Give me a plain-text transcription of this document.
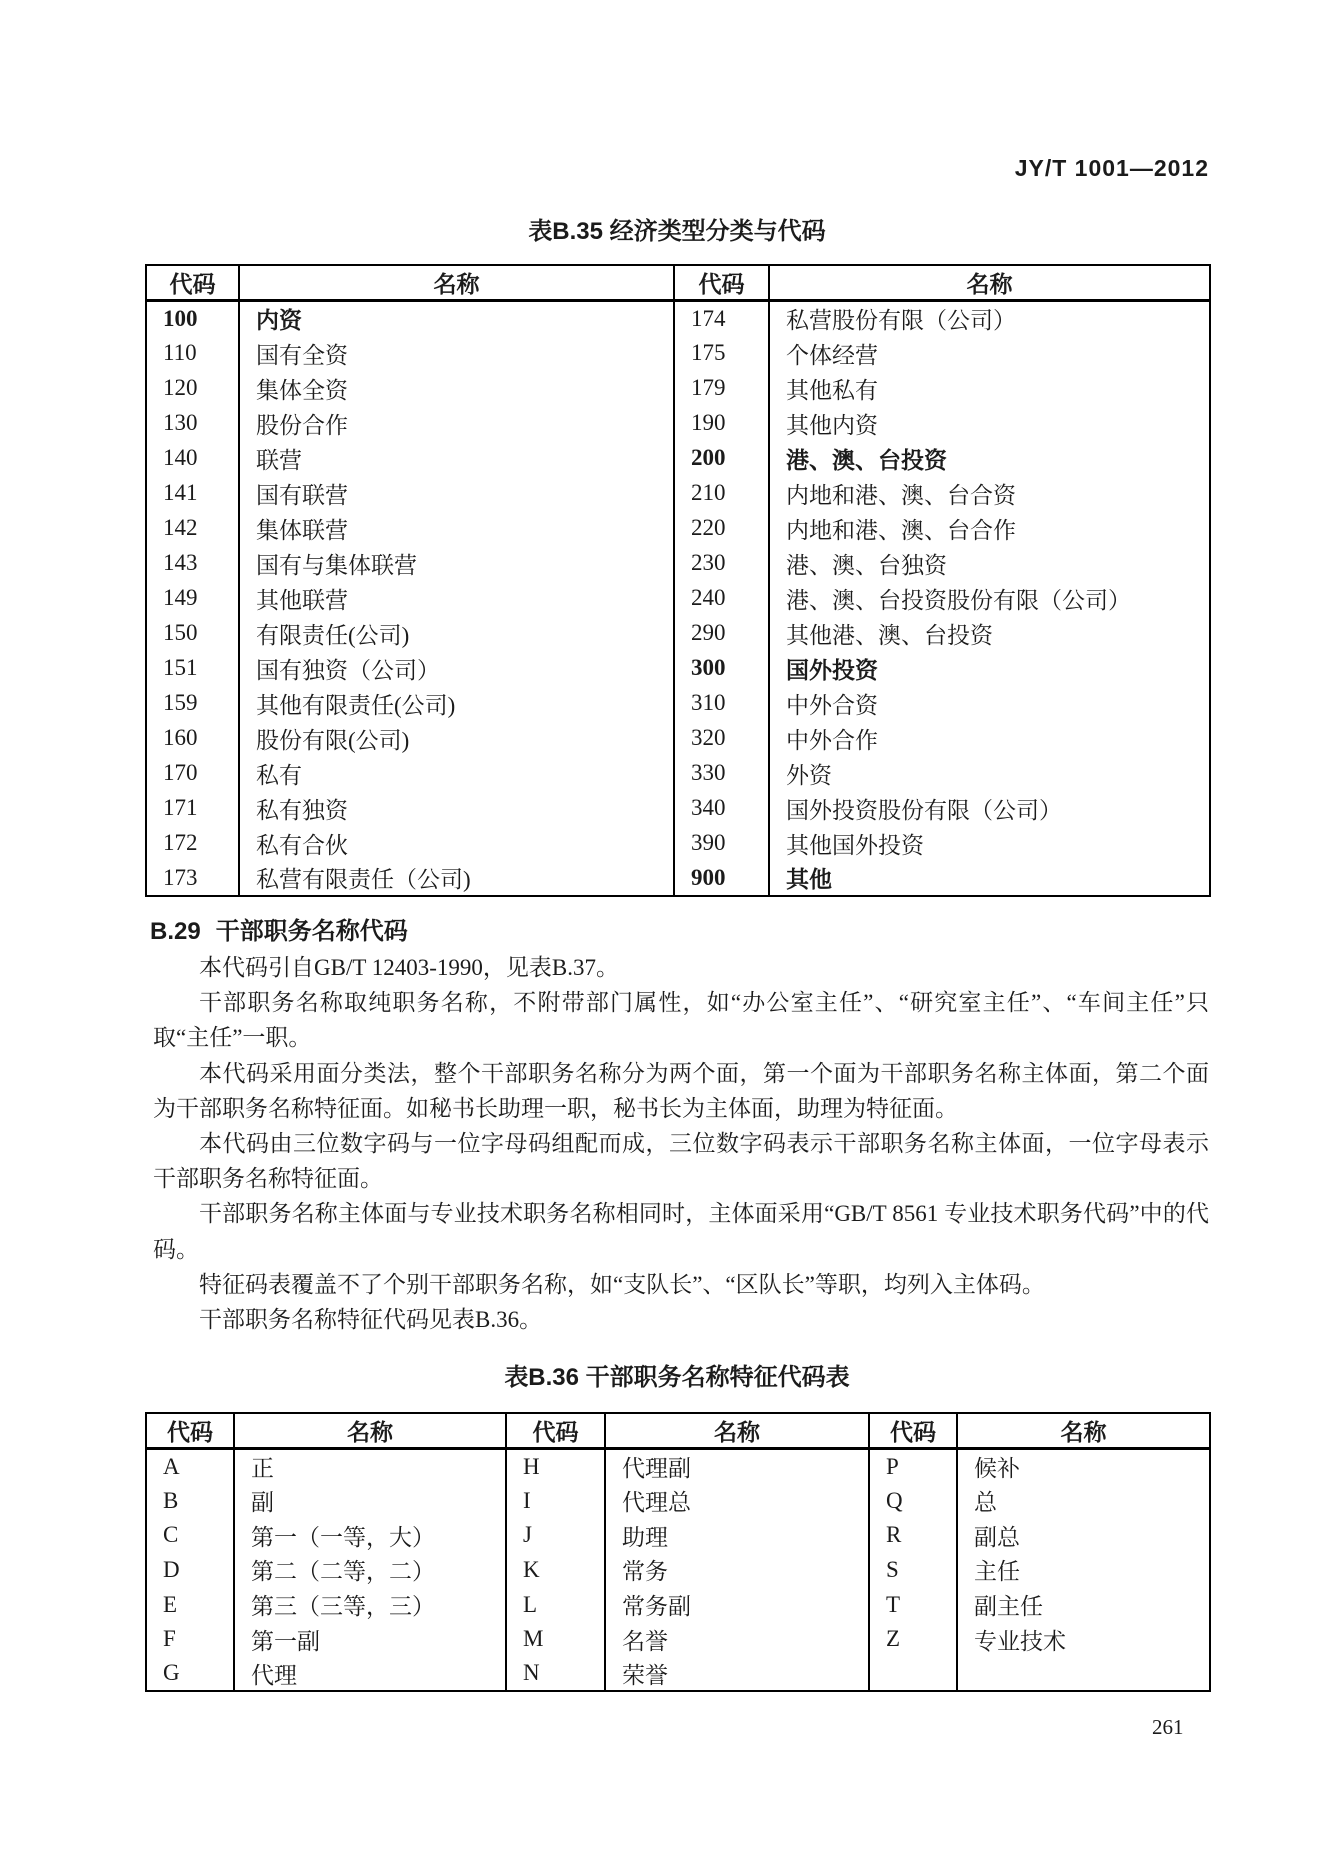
JY/T 1001—2012
表B.35 经济类型分类与代码
代码	名称	代码	名称
100	内资	174	私营股份有限（公司）
110	国有全资	175	个体经营
120	集体全资	179	其他私有
130	股份合作	190	其他内资
140	联营	200	港、澳、台投资
141	国有联营	210	内地和港、澳、台合资
142	集体联营	220	内地和港、澳、台合作
143	国有与集体联营	230	港、澳、台独资
149	其他联营	240	港、澳、台投资股份有限（公司）
150	有限责任(公司)	290	其他港、澳、台投资
151	国有独资（公司）	300	国外投资
159	其他有限责任(公司)	310	中外合资
160	股份有限(公司)	320	中外合作
170	私有	330	外资
171	私有独资	340	国外投资股份有限（公司）
172	私有合伙	390	其他国外投资
173	私营有限责任（公司)	900	其他
B.29 干部职务名称代码

本代码引自GB/T 12403-1990，见表B.37。

干部职务名称取纯职务名称，不附带部门属性，如“办公室主任”、“研究室主任”、“车间主任”只取“主任”一职。

本代码采用面分类法，整个干部职务名称分为两个面，第一个面为干部职务名称主体面，第二个面为干部职务名称特征面。如秘书长助理一职，秘书长为主体面，助理为特征面。

本代码由三位数字码与一位字母码组配而成，三位数字码表示干部职务名称主体面，一位字母表示干部职务名称特征面。

干部职务名称主体面与专业技术职务名称相同时，主体面采用“GB/T 8561 专业技术职务代码”中的代码。

特征码表覆盖不了个别干部职务名称，如“支队长”、“区队长”等职，均列入主体码。

干部职务名称特征代码见表B.36。

表B.36 干部职务名称特征代码表
代码	名称	代码	名称	代码	名称
A	正	H	代理副	P	候补
B	副	I	代理总	Q	总
C	第一（一等，大）	J	助理	R	副总
D	第二（二等，二）	K	常务	S	主任
E	第三（三等，三）	L	常务副	T	副主任
F	第一副	M	名誉	Z	专业技术
G	代理	N	荣誉		
261
